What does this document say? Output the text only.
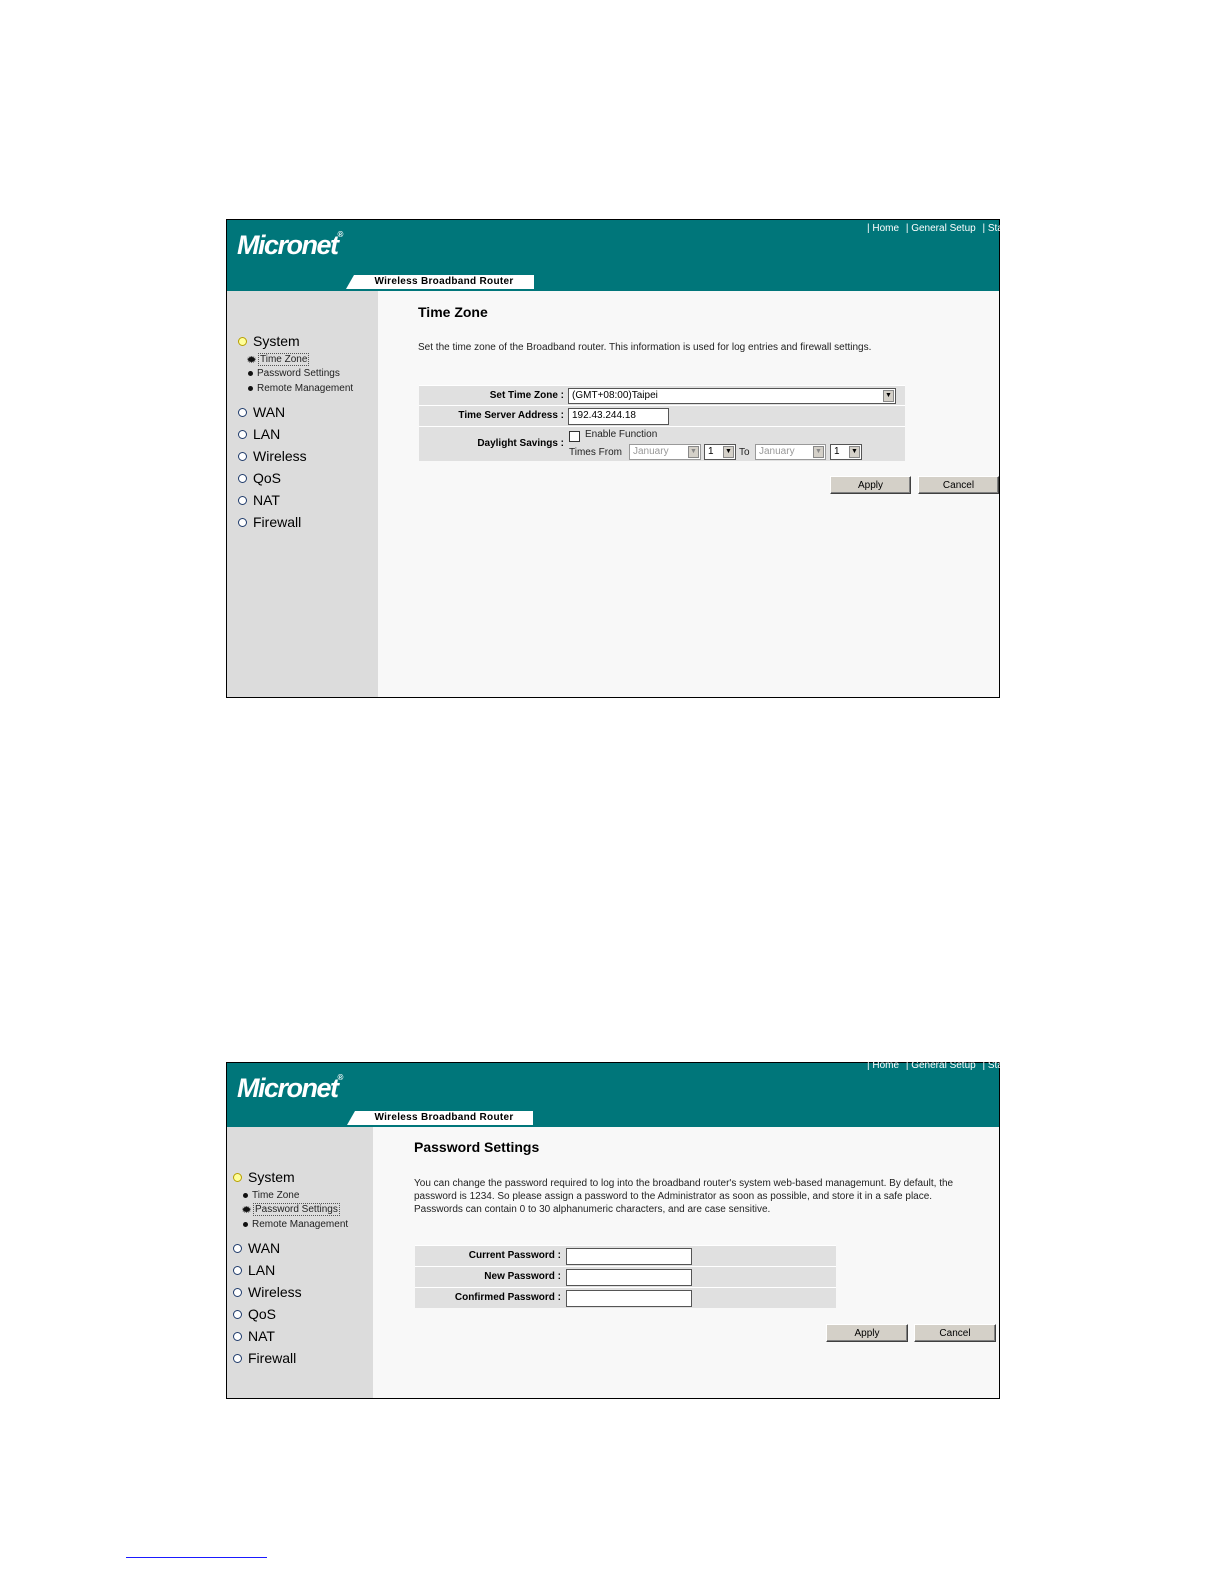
Micronet®
| Home | General Setup | Sta
Wireless Broadband Router
System
Time Zone
Password Settings
Remote Management
WAN
LAN
Wireless
QoS
NAT
Firewall
Time Zone
Set the time zone of the Broadband router. This information is used for log entries and firewall settings.
Set Time Zone : (GMT+08:00)Taipei	▼
Time Server Address : 192.43.244.18
Daylight Savings :
Enable Function
Times From	January	▼	1 ▼ To January	▼	1 ▼
Apply	Cancel
Micronet®
| Home | General Setup | Sta
Wireless Broadband Router
System
Time Zone
Password Settings
Remote Management
WAN
LAN
Wireless
QoS
NAT
Firewall
Password Settings
You can change the password required to log into the broadband router's system web-based managemunt. By default, the
password is 1234. So please assign a password to the Administrator as soon as possible, and store it in a safe place.
Passwords can contain 0 to 30 alphanumeric characters, and are case sensitive.
Current Password :
New Password :
Confirmed Password :
Apply	Cancel
